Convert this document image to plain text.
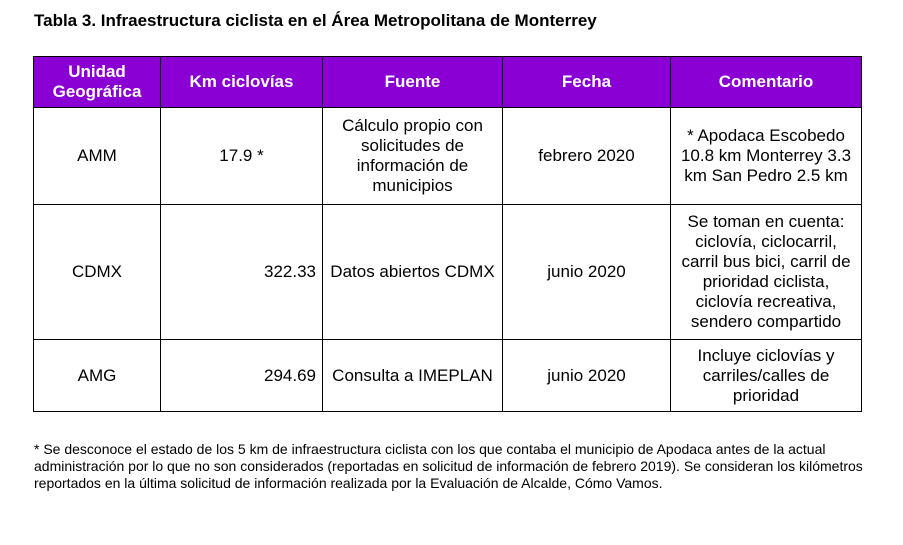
Tabla 3. Infraestructura ciclista en el Área Metropolitana de Monterrey
Unidad Geográfica	Km ciclovías	Fuente	Fecha	Comentario
AMM	17.9 *	Cálculo propio con solicitudes de información de municipios	febrero 2020	* Apodaca Escobedo 10.8 km Monterrey 3.3 km San Pedro 2.5 km
CDMX	322.33	Datos abiertos CDMX	junio 2020	Se toman en cuenta: ciclovía, ciclocarril, carril bus bici, carril de prioridad ciclista, ciclovía recreativa, sendero compartido
AMG	294.69	Consulta a IMEPLAN	junio 2020	Incluye ciclovías y carriles/calles de prioridad
* Se desconoce el estado de los 5 km de infraestructura ciclista con los que contaba el municipio de Apodaca antes de la actual administración por lo que no son considerados (reportadas en solicitud de información de febrero 2019). Se consideran los kilómetros reportados en la última solicitud de información realizada por la Evaluación de Alcalde, Cómo Vamos.
